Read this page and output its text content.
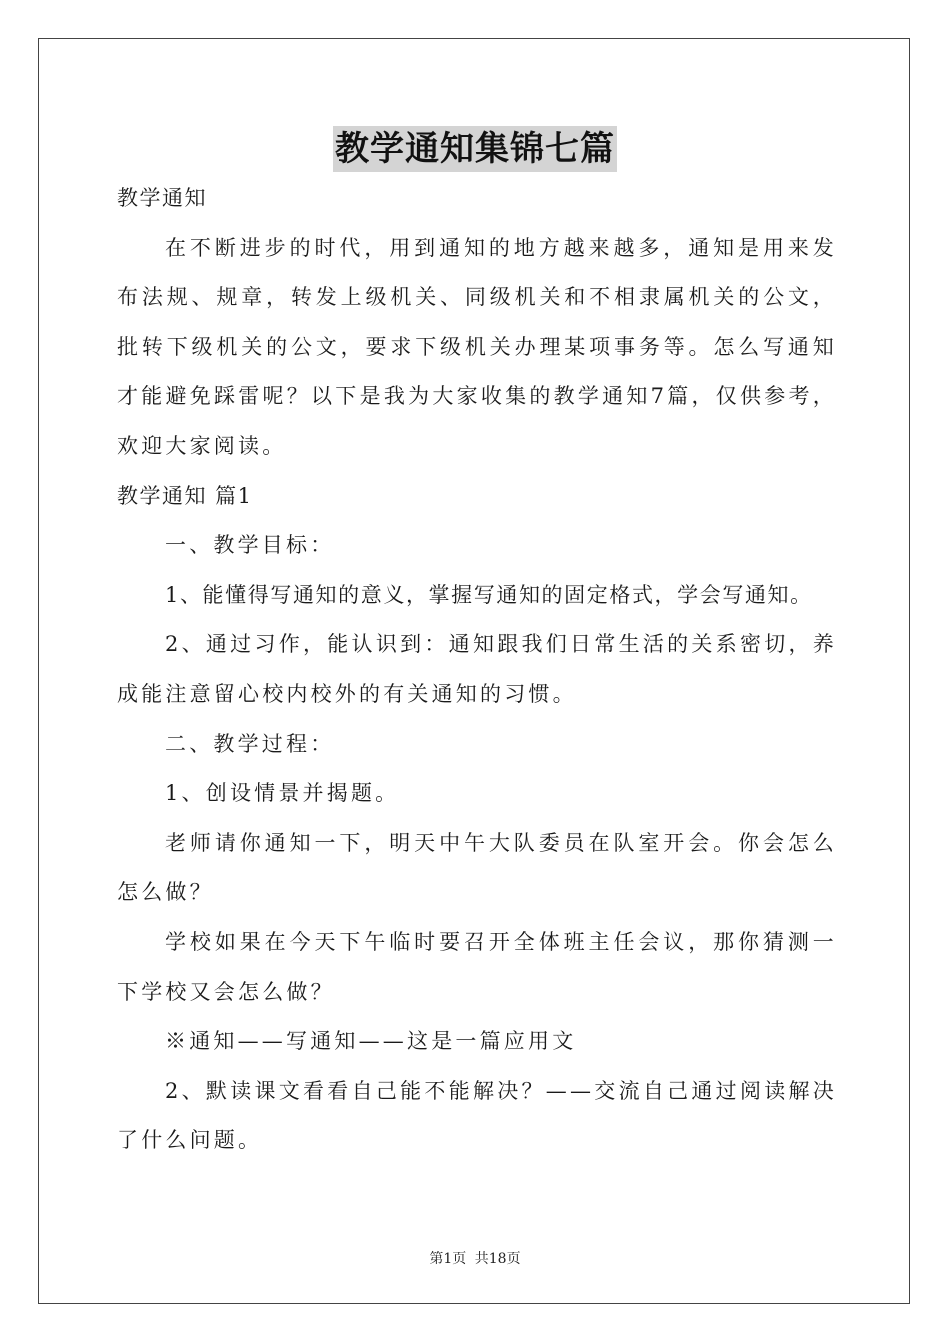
教学通知集锦七篇

教学通知

在不断进步的时代，用到通知的地方越来越多，通知是用来发布法规、规章，转发上级机关、同级机关和不相隶属机关的公文，批转下级机关的公文，要求下级机关办理某项事务等。怎么写通知才能避免踩雷呢？以下是我为大家收集的教学通知7篇，仅供参考，欢迎大家阅读。

教学通知 篇1

一、教学目标：

1、能懂得写通知的意义，掌握写通知的固定格式，学会写通知。

2、通过习作，能认识到：通知跟我们日常生活的关系密切，养成能注意留心校内校外的有关通知的习惯。

二、教学过程：

1、创设情景并揭题。

老师请你通知一下，明天中午大队委员在队室开会。你会怎么怎么做？

学校如果在今天下午临时要召开全体班主任会议，那你猜测一下学校又会怎么做？

※通知——写通知——这是一篇应用文

2、默读课文看看自己能不能解决？——交流自己通过阅读解决了什么问题。

第1页 共18页
